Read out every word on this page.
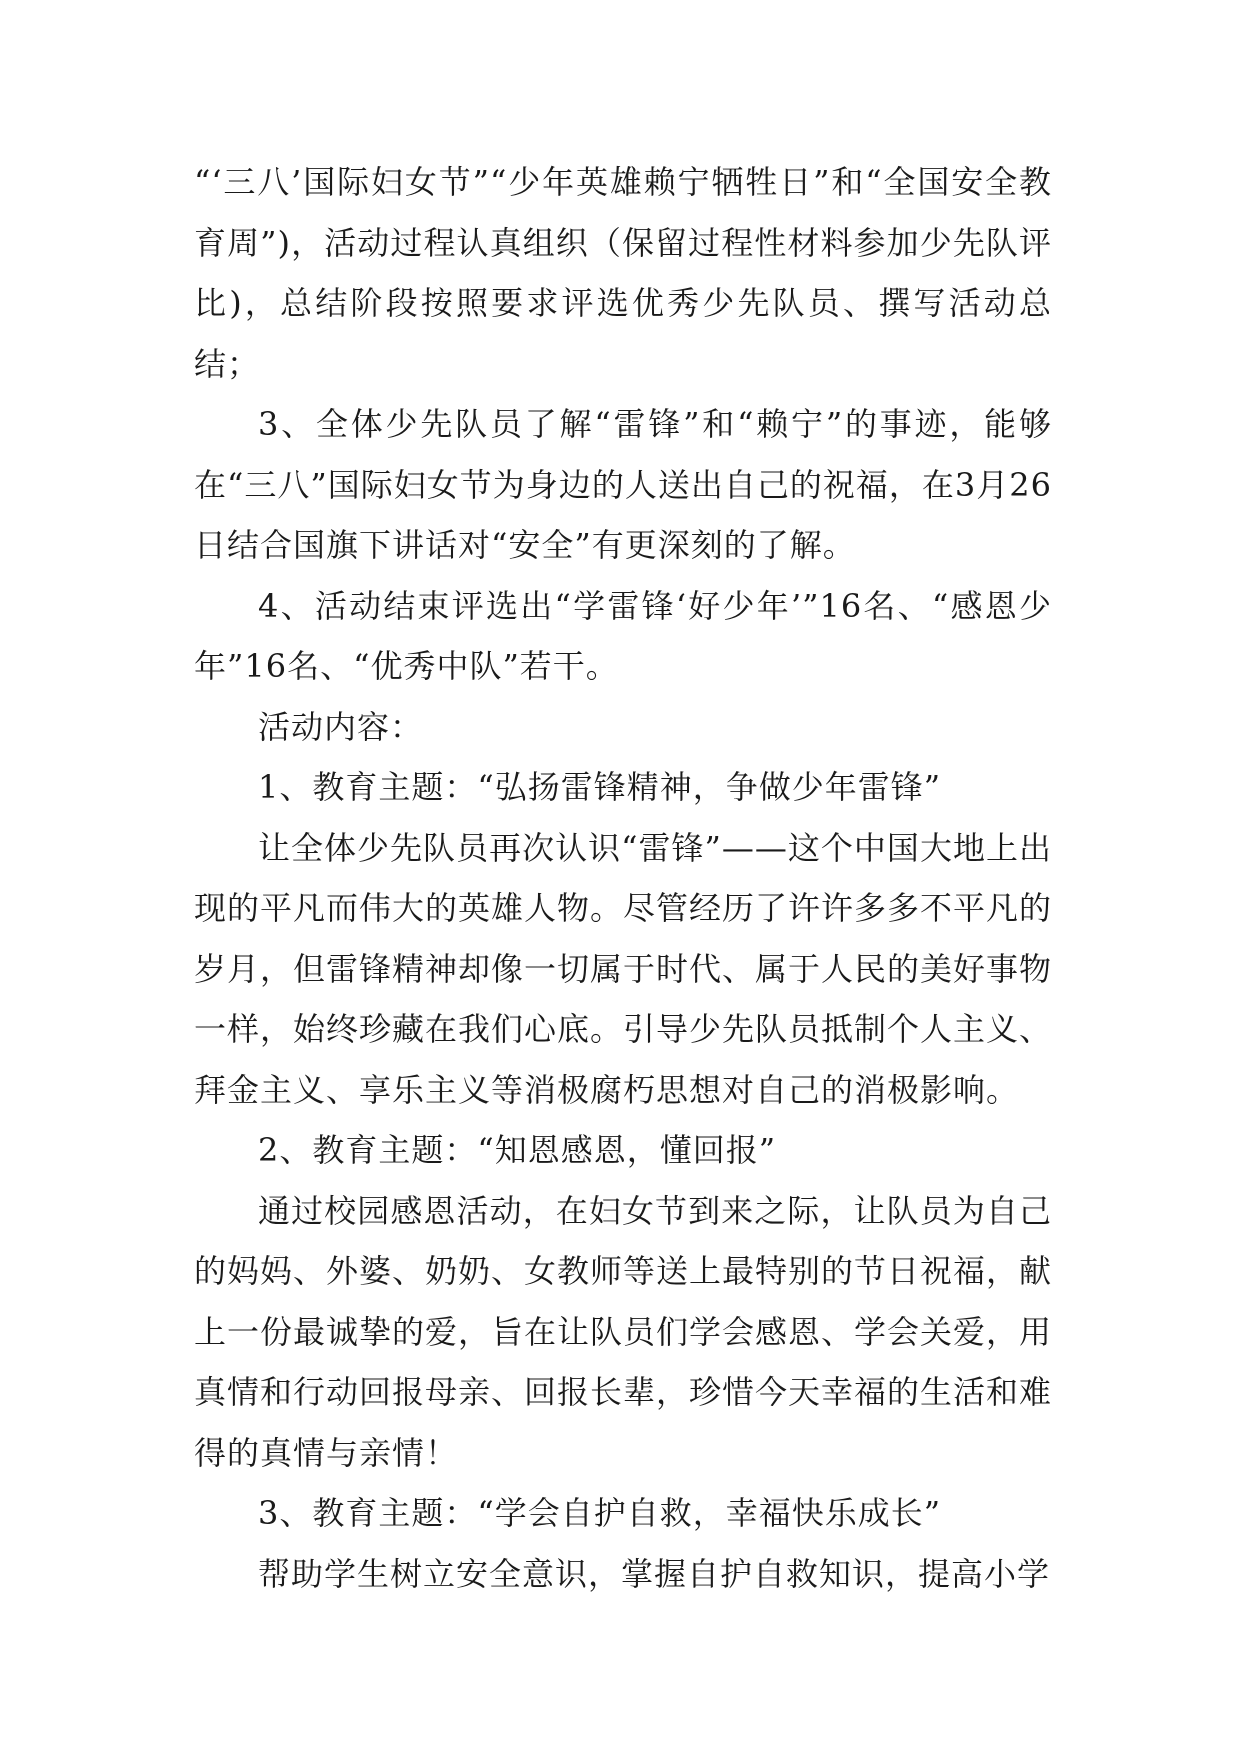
“‘三八’国际妇女节”“少年英雄赖宁牺牲日”和“全国安全教育周”)，活动过程认真组织（保留过程性材料参加少先队评比)，总结阶段按照要求评选优秀少先队员、撰写活动总结；

3、全体少先队员了解“雷锋”和“赖宁”的事迹，能够在“三八”国际妇女节为身边的人送出自己的祝福，在3月26日结合国旗下讲话对“安全”有更深刻的了解。

4、活动结束评选出“学雷锋‘好少年’”16名、“感恩少年”16名、“优秀中队”若干。

活动内容：

1、教育主题：“弘扬雷锋精神，争做少年雷锋”

让全体少先队员再次认识“雷锋”——这个中国大地上出现的平凡而伟大的英雄人物。尽管经历了许许多多不平凡的岁月，但雷锋精神却像一切属于时代、属于人民的美好事物一样，始终珍藏在我们心底。引导少先队员抵制个人主义、拜金主义、享乐主义等消极腐朽思想对自己的消极影响。

2、教育主题：“知恩感恩，懂回报”

通过校园感恩活动，在妇女节到来之际，让队员为自己的妈妈、外婆、奶奶、女教师等送上最特别的节日祝福，献上一份最诚挚的爱，旨在让队员们学会感恩、学会关爱，用真情和行动回报母亲、回报长辈，珍惜今天幸福的生活和难得的真情与亲情！

3、教育主题：“学会自护自救，幸福快乐成长”

帮助学生树立安全意识，掌握自护自救知识，提高小学
